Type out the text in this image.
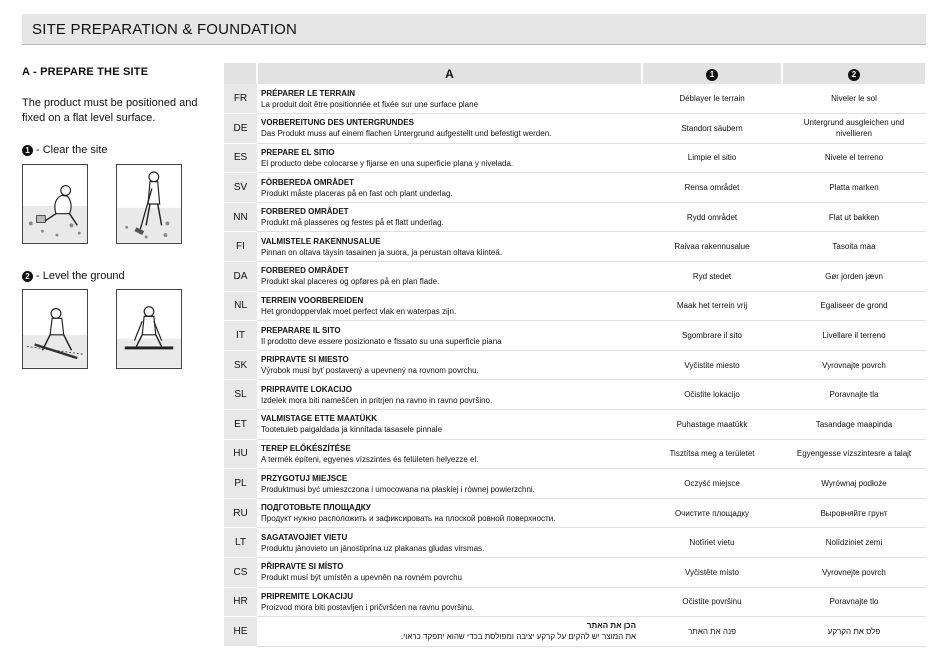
SITE PREPARATION & FOUNDATION
A - PREPARE THE SITE
The product must be positioned and fixed on a flat level surface.
1 - Clear the site
2 - Level the ground
	A	1	2
FR	PRÉPARER LE TERRAIN
La produit doit être positionnée et fixée sur une surface plane	Déblayer le terrain	Niveler le sol
DE	VORBEREITUNG DES UNTERGRUNDES
Das Produkt muss auf einem flachen Untergrund aufgestellt und befestigt werden.	Standort säubern	Untergrund ausgleichen und nivellieren
ES	PREPARE EL SITIO
El producto debe colocarse y fijarse en una superficie plana y nivelada.	Limpie el sitio	Nivele el terreno
SV	FÖRBEREDA OMRÅDET
Produkt måste placeras på en fast och plant underlag.	Rensa området	Platta marken
NN	FORBERED OMRÅDET
Produkt må plasseres og festes på et flatt underlag.	Rydd området	Flat ut bakken
FI	VALMISTELE RAKENNUSALUE
Pinnan on oltava täysin tasainen ja suora, ja perustan oltava kiinteä.	Raivaa rakennusalue	Tasoita maa
DA	FORBERED OMRÅDET
Produkt skal placeres og opføres på en plan flade.	Ryd stedet	Gør jorden jævn
NL	TERREIN VOORBEREIDEN
Het grondoppervlak moet perfect vlak en waterpas zijn.	Maak het terrein vrij	Egaliseer de grond
IT	PREPARARE IL SITO
Il prodotto deve essere posizionato e fissato su una superficie piana	Sgombrare il sito	Livellare il terreno
SK	PRIPRAVTE SI MIESTO
Výrobok musí byť postavený a upevnený na rovnom povrchu.	Vyčistite miesto	Vyrovnajte povrch
SL	PRIPRAVITE LOKACIJO
Izdelek mora biti nameščen in pritrjen na ravno in ravno površino.	Očistite lokacijo	Poravnajte tla
ET	VALMISTAGE ETTE MAATÜKK
Tootetuleb paigaldada ja kinnitada tasasele pinnale	Puhastage maatükk	Tasandage maapinda
HU	TEREP ELŐKÉSZÍTÉSE
A termék építeni, egyenes vízszintes és felületen helyezze el.	Tisztítsa meg a területet	Egyengesse vízszintesre a talajt
PL	PRZYGOTUJ MIEJSCE
Produktmusi być umieszczona i umocowana na płaskiej i równej powierzchni.	Oczyść miejsce	Wyrównaj podłoże
RU	ПОДГОТОВЬТЕ ПЛОЩАДКУ
Продукт нужно расположить и зафиксировать на плоской ровной поверхности.	Очистите площадку	Выровняйте грунт
LT	SAGATAVOJIET VIETU
Produktu jānovieto un jānostiprina uz plakanas gludas virsmas.	Notīriet vietu	Nolīdziniet zemi
CS	PŘIPRAVTE SI MÍSTO
Produkt musí být umístěn a upevněn na rovném povrchu	Vyčistěte místo	Vyrovnejte povrch
HR	PRIPREMITE LOKACIJU
Proizvod mora biti postavljen i pričvršćen na ravnu površinu.	Očistite površinu	Poravnajte tlo
HE	הכן את האתר
את המוצר יש להקים על קרקע יציבה ומפולסת בכדי שהוא יתפקד כראוי.	פנה את האתר	פלס את הקרקע
